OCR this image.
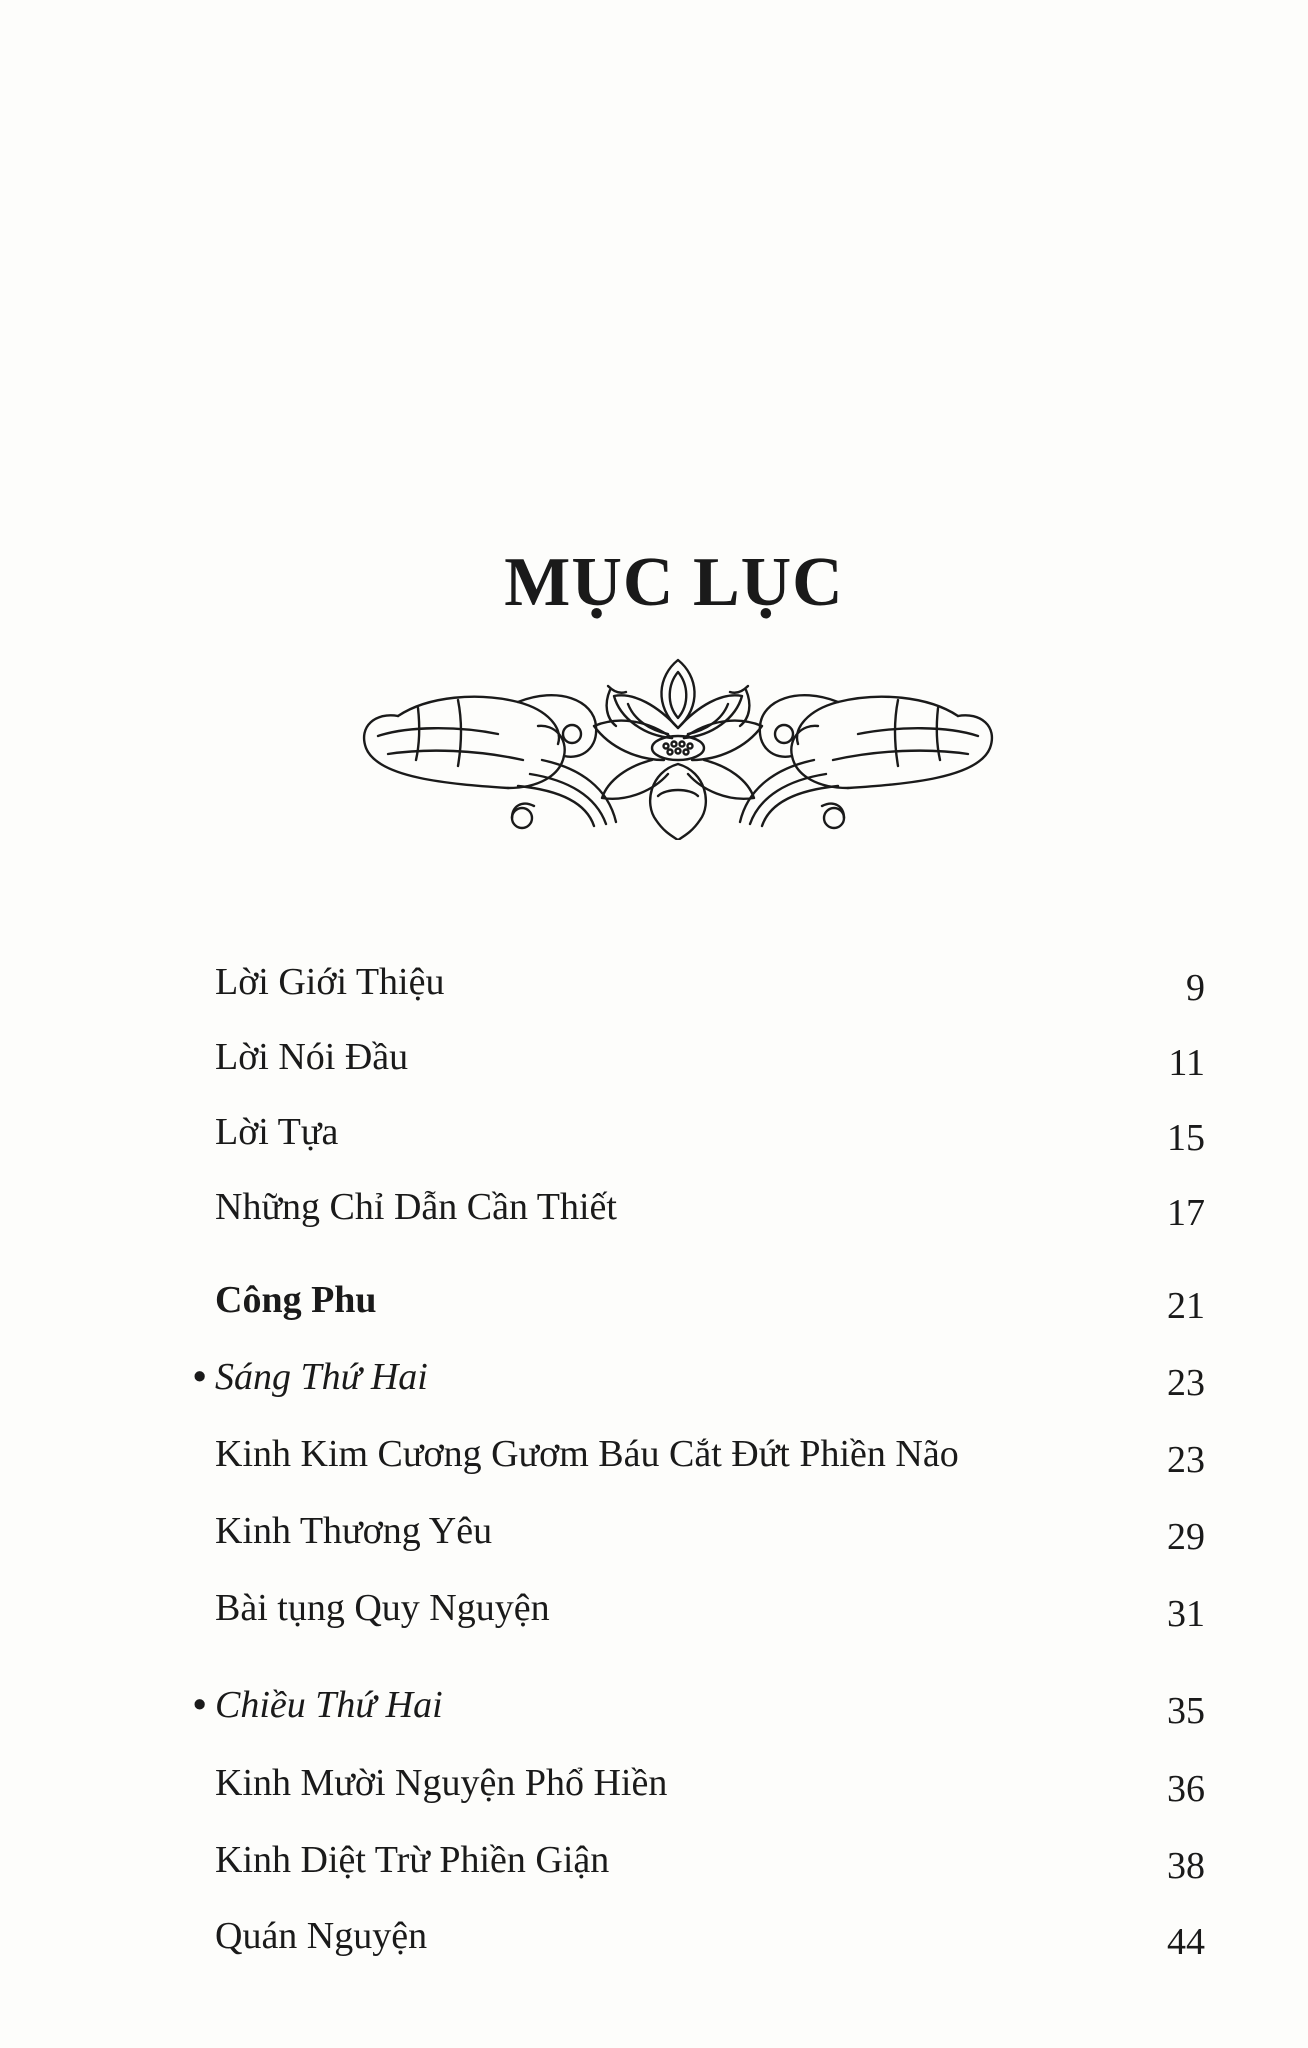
MỤC LỤC
Lời Giới Thiệu	9
Lời Nói Đầu	11
Lời Tựa	15
Những Chỉ Dẫn Cần Thiết	17
Công Phu	21
• Sáng Thứ Hai	23
Kinh Kim Cương Gươm Báu Cắt Đứt Phiền Não	23
Kinh Thương Yêu	29
Bài tụng Quy Nguyện	31
• Chiều Thứ Hai	35
Kinh Mười Nguyện Phổ Hiền	36
Kinh Diệt Trừ Phiền Giận	38
Quán Nguyện	44
